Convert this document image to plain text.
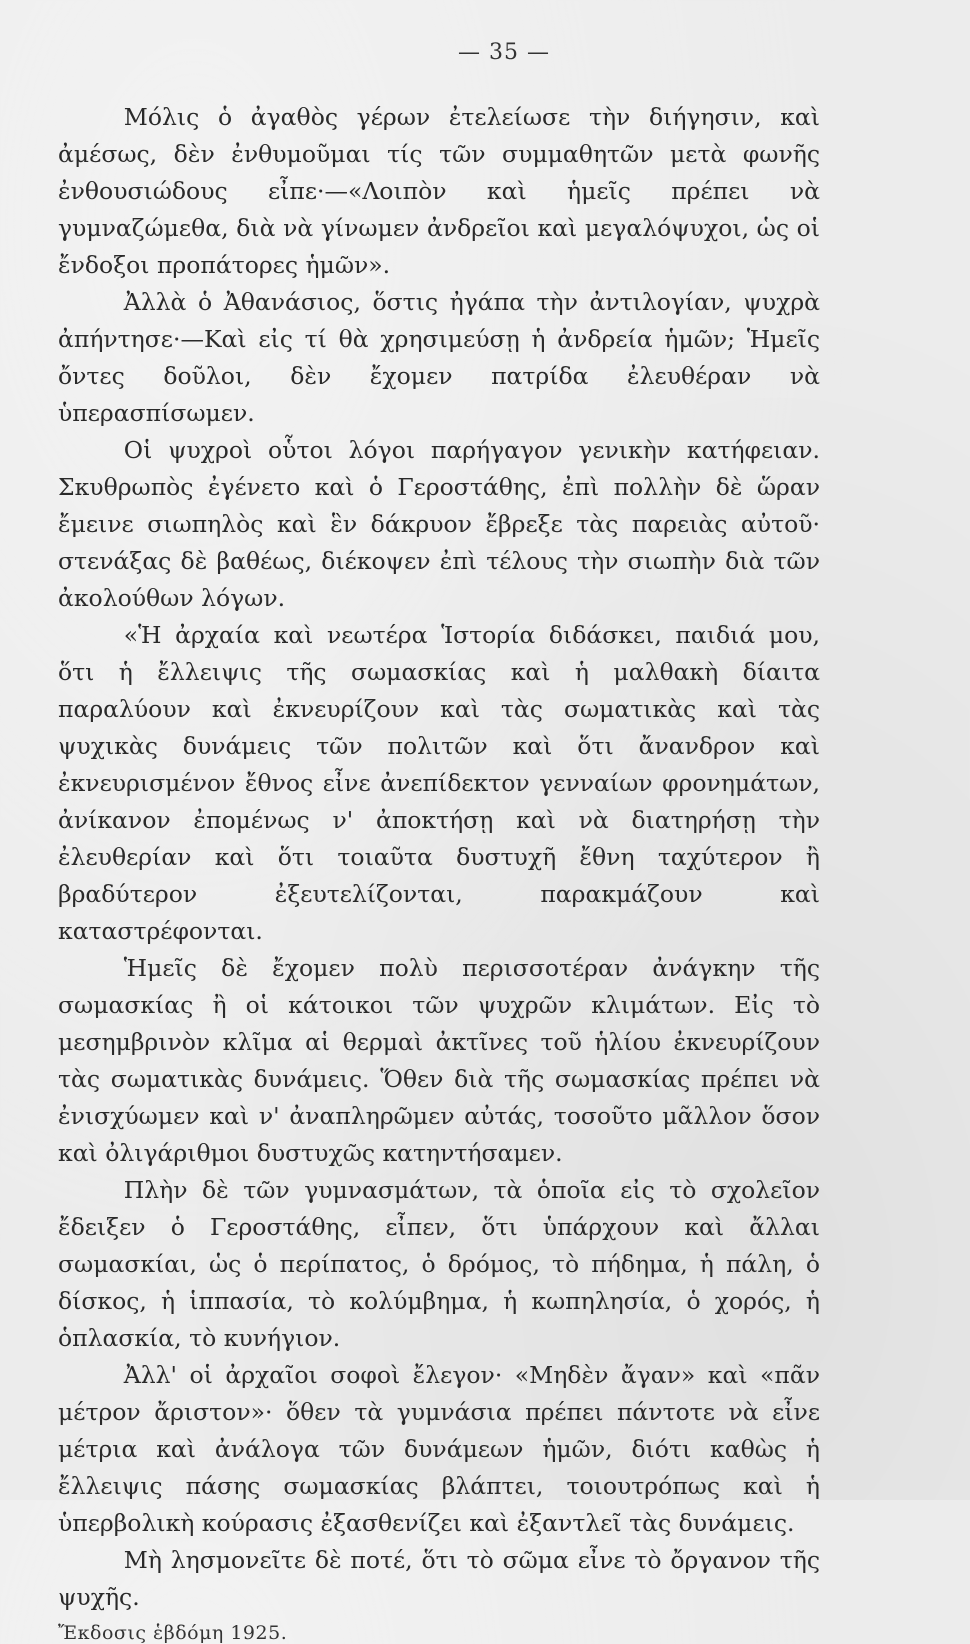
— 35 —

Μόλις ὁ ἀγαθὸς γέρων ἐτελείωσε τὴν διήγησιν, καὶ ἀμέσως, δὲν ἐνθυμοῦμαι τίς τῶν συμμαθητῶν μετὰ φωνῆς ἐνθουσιώδους εἶπε·—«Λοιπὸν καὶ ἡμεῖς πρέπει νὰ γυμναζώμεθα, διὰ νὰ γίνωμεν ἀνδρεῖοι καὶ μεγαλόψυχοι, ὡς οἱ ἔνδοξοι προπάτορες ἡμῶν».

Ἀλλὰ ὁ Ἀθανάσιος, ὅστις ἠγάπα τὴν ἀντιλογίαν, ψυχρὰ ἀπήντησε·—Καὶ εἰς τί θὰ χρησιμεύσῃ ἡ ἀνδρεία ἡμῶν; Ἡμεῖς ὄντες δοῦλοι, δὲν ἔχομεν πατρίδα ἐλευθέραν νὰ ὑπερασπίσωμεν.

Οἱ ψυχροὶ οὗτοι λόγοι παρήγαγον γενικὴν κατήφειαν. Σκυθρωπὸς ἐγένετο καὶ ὁ Γεροστάθης, ἐπὶ πολλὴν δὲ ὥραν ἔμεινε σιωπηλὸς καὶ ἓν δάκρυον ἔβρεξε τὰς παρειὰς αὐτοῦ· στενάξας δὲ βαθέως, διέκοψεν ἐπὶ τέλους τὴν σιωπὴν διὰ τῶν ἀκολούθων λόγων.

«Ἡ ἀρχαία καὶ νεωτέρα Ἱστορία διδάσκει, παιδιά μου, ὅτι ἡ ἔλλειψις τῆς σωμασκίας καὶ ἡ μαλθακὴ δίαιτα παραλύουν καὶ ἐκνευρίζουν καὶ τὰς σωματικὰς καὶ τὰς ψυχικὰς δυνάμεις τῶν πολιτῶν καὶ ὅτι ἄνανδρον καὶ ἐκνευρισμένον ἔθνος εἶνε ἀνεπίδεκτον γενναίων φρονημάτων, ἀνίκανον ἐπομένως ν' ἀποκτήσῃ καὶ νὰ διατηρήσῃ τὴν ἐλευθερίαν καὶ ὅτι τοιαῦτα δυστυχῆ ἔθνη ταχύτερον ἢ βραδύτερον ἐξευτελίζονται, παρακμάζουν καὶ καταστρέφονται.

Ἡμεῖς δὲ ἔχομεν πολὺ περισσοτέραν ἀνάγκην τῆς σωμασκίας ἢ οἱ κάτοικοι τῶν ψυχρῶν κλιμάτων. Εἰς τὸ μεσημβρινὸν κλῖμα αἱ θερμαὶ ἀκτῖνες τοῦ ἡλίου ἐκνευρίζουν τὰς σωματικὰς δυνάμεις. Ὅθεν διὰ τῆς σωμασκίας πρέπει νὰ ἐνισχύωμεν καὶ ν' ἀναπληρῶμεν αὐτάς, τοσοῦτο μᾶλλον ὅσον καὶ ὀλιγάριθμοι δυστυχῶς κατηντήσαμεν.

Πλὴν δὲ τῶν γυμνασμάτων, τὰ ὁποῖα εἰς τὸ σχολεῖον ἔδειξεν ὁ Γεροστάθης, εἶπεν, ὅτι ὑπάρχουν καὶ ἄλλαι σωμασκίαι, ὡς ὁ περίπατος, ὁ δρόμος, τὸ πήδημα, ἡ πάλη, ὁ δίσκος, ἡ ἱππασία, τὸ κολύμβημα, ἡ κωπηλησία, ὁ χορός, ἡ ὁπλασκία, τὸ κυνήγιον.

Ἀλλ' οἱ ἀρχαῖοι σοφοὶ ἔλεγον· «Μηδὲν ἄγαν» καὶ «πᾶν μέτρον ἄριστον»· ὅθεν τὰ γυμνάσια πρέπει πάντοτε νὰ εἶνε μέτρια καὶ ἀνάλογα τῶν δυνάμεων ἡμῶν, διότι καθὼς ἡ ἔλλειψις πάσης σωμασκίας βλάπτει, τοιουτρόπως καὶ ἡ ὑπερβολικὴ κούρασις ἐξασθενίζει καὶ ἐξαντλεῖ τὰς δυνάμεις.

Μὴ λησμονεῖτε δὲ ποτέ, ὅτι τὸ σῶμα εἶνε τὸ ὄργανον τῆς ψυχῆς.

Ἔκδοσις ἑβδόμη 1925.
